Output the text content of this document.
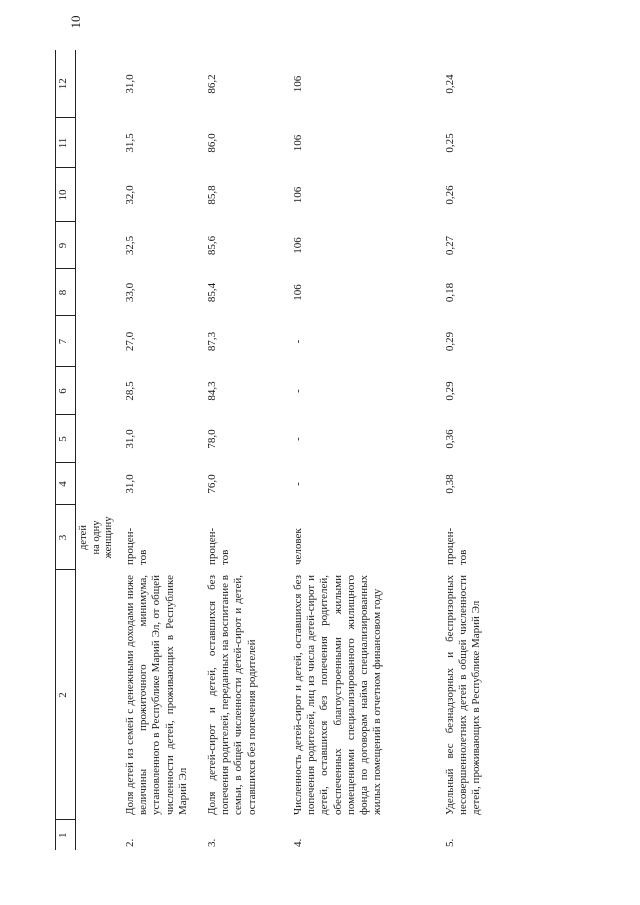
10
1	2	3	4	5	6	7	8	9	10	11	12

		детей
на одну
женщину									

2.	Доля детей из семей с денежными доходами ниже величины прожиточного минимума, установленного в Республике Марий Эл, от общей численности детей, проживающих в Республике Марий Эл	процен-
тов	31,0	31,0	28,5	27,0	33,0	32,5	32,0	31,5	31,0
3.	Доля детей-сирот и детей, оставшихся без попечения родителей, переданных на воспитание в семьи, в общей численности детей-сирот и детей, оставшихся без попечения родителей	процен-
тов	76,0	78,0	84,3	87,3	85,4	85,6	85,8	86,0	86,2
4.	Численность детей-сирот и детей, оставшихся без попечения родителей, лиц из числа детей-сирот и детей, оставшихся без попечения родителей, обеспеченных благоустроенными жилыми помещениями специализированного жилищного фонда по договорам найма специализированных жилых помещений в отчетном финансовом году	человек	-	-	-	-	106	106	106	106	106
5.	Удельный вес безнадзорных и беспризорных несовершеннолетних детей в общей численности детей, проживающих в Республике Марий Эл	процен-
тов	0,38	0,36	0,29	0,29	0,18	0,27	0,26	0,25	0,24
